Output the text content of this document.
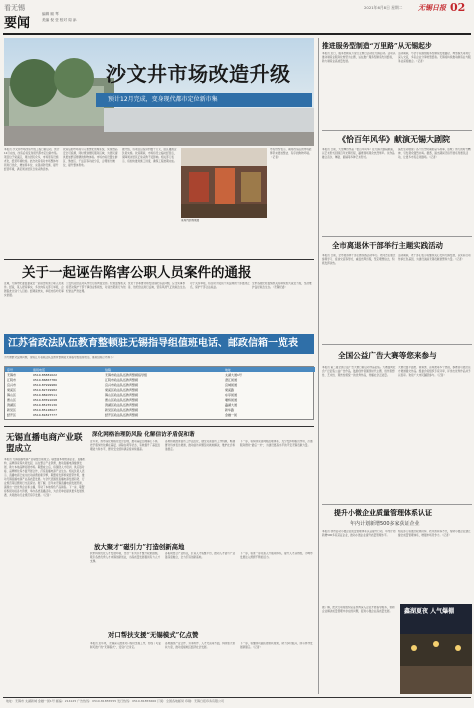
看无锡
要闻
编辑 顾 琴
美编 倪 莹 校对 周 添
2021年6月8日 星期二 无锡日报 02
沙文井市场改造升级
预计12月完成，变身现代都市定位新市集
本报讯 沙文井市场改造升级工程日前启动，预计12月完成，改造后将变身现代都市定位新市集。项目位于梁溪区，周边居民众多，市场原有设施老化，经营环境较差。此次改造将对市场整体布局进行优化，增加停车位、完善消防设施、提升经营环境，满足周边居民日常采购需求。
改造后的市场将引入智慧化管理系统，实现食品安全可追溯，同时规划便民服务区域，为居民提供更加舒适便捷的购物体验。市场内将设置生鲜区、熟食区、干货区等功能分区，合理划分摊位，提升整体形象。
据介绍，该项目总投资约数千万元，由区属国企负责实施。改造期间，市场将设立临时经营点，保障周边居民正常采购不受影响。相关部门表示，将加快推进施工进度，确保工程按期完成。
菜场内部效果图
市民纷纷表示，期待改造后的市场能够带来更加整洁、有序的购物环境。（记者）
关于一起诬告陷害公职人员案件的通报
近期，无锡市纪委监委查处一起诬告陷害公职人员案件。经查，某人捏造事实，多次向有关部门举报，企图借此达到个人目的。经调查核实，举报内容均无事实依据。
公安机关依法对其作出行政拘留处罚。纪检监察机关将坚决保护干部干事创业积极性，对诬告陷害行为依纪依法严肃处理。
党员干部和群众如发现违纪违法问题，应当实事求是、依纪依法进行反映，营造风清气正的政治生态。
对于失实举报，将及时为受到不实反映的干部澄清正名，保护干部合法权益。
全市各级纪检监察机关将持续加大查处力度，坚决维护良好政治生态。（无锡纪委）
江苏省政法队伍教育整顿驻无锡指导组值班电话、邮政信箱一览表
为方便群众反映问题，现将江苏省政法队伍教育整顿驻无锡指导组值班电话、邮政信箱公布如下：
序号	值班电话	信箱	地址
无锡市	0510-85881022	无锡市政法队伍教育整顿指导组	太湖大道1号
江阴市	0510-86867780	江阴市政法队伍教育整顿	澄江街道
宜兴市	0510-87999980	宜兴市政法队伍教育整顿	宜城街道
梁溪区	0510-82729982	梁溪区政法队伍教育整顿	梁溪路
锡山区	0510-88205511	锡山区政法队伍教育整顿	东亭街道
惠山区	0510-83591098	惠山区政法队伍教育整顿	堰桥街道
滨湖区	0510-85155130	滨湖区政法队伍教育整顿	蠡湖大道
新吴区	0510-85128027	新吴区政法队伍教育整顿	新华路
经开区	0510-81827777	经开区政法队伍教育整顿	金融一街
无锡直播电商产业联盟成立
本报讯 无锡直播电商产业联盟日前成立。联盟由本地电商企业、直播机构、品牌商家等共同发起，旨在整合产业资源，推动直播电商健康发展，助力本地品牌拓展市场。联盟成立后，将围绕人才培训、供应链对接、品牌孵化等方面开展合作，打造直播电商产业生态。相关负责人表示，直播电商已成为拉动消费的新引擎，联盟将发挥桥梁纽带作用，推动无锡直播电商产业高质量发展。与会代表围绕直播电商发展趋势、行业规范等话题进行交流探讨。据了解，近年来无锡直播电商发展迅速，涌现出一批优秀企业和主播，带动了本地特色产品销售。下一步，联盟将积极对接各方资源，举办各类直播活动，为会员单位提供更多发展机遇，共同推动行业规范有序发展。（记者）
深化网格治理防风险 化解信访矛盾促和谐
近年来，我市深化网格化社会治理，推动基层治理重心下移，把矛盾纠纷化解在基层、消除在萌芽状态，有效提升了基层治理能力和水平，群众安全感和满意度持续提高。
各地积极推进信访工作法治化，健全完善信访工作机制，畅通群众诉求表达渠道，推动信访问题及时就地解决，维护社会和谐稳定。
下一步，将持续完善网格治理体系，充分发挥网格员作用，打通服务群众“最后一米”，为建设更高水平的平安无锡贡献力量。
放大聚才“磁引力”打造创新高地
我市持续优化人才发展环境，出台一系列引才聚才政策措施，吸引各类优秀人才来锡创新创业，为高质量发展提供有力人才支撑。
各板块结合产业特点，打造人才集聚平台，推动人才链与产业链深度融合，全力打造创新高地。
下一步，将进一步完善人才服务体系，提升人才获得感，为城市发展注入源源不断的活力。
对口帮扶支援“无锡模式”亿点赞
本报讯 近年来，无锡深入推进对口帮扶支援工作，形成了可复制可推广的“无锡模式”，受到广泛肯定。
各地围绕产业合作、劳务协作、人才交流等方面，持续加大帮扶力度，推动受援地区经济社会发展。
下一步，将继续巩固拓展帮扶成果，助力乡村振兴，续写协作发展新篇章。（记者）
推进服务型制造“万里路”从无锡起步
本报讯 近日，服务型制造万里行主题日活动在无锡启动。活动以推动制造业服务化转型为主题，旨在推广服务型制造先进经验，助力制造业高质量发展。
活动期间，与会专家围绕服务型制造发展路径、典型模式等进行深入交流，多家企业分享转型经验。无锡将持续推动制造业与服务业深度融合。（记者）
《恰百年风华》献演无锡大剧院
本报讯 日前，大型舞台作品《恰百年风华》在无锡大剧院献演，以艺术形式回顾百年光辉历程，赢得现场观众热烈掌声。该作品融合音乐、舞蹈、朗诵等多种艺术形式。
演出生动展现了各个历史时期的奋斗故事，讴歌了伟大的时代精神，引发观众强烈共鸣。据悉，演出期间还将开展系列惠民活动，让更多市民走进剧场。（记者）
全市离退休干部举行主题实践活动
本报讯 日前，全市离退休干部主题实践活动举行。老同志们通过参观学习、座谈交流等形式，重温光辉历程，坚定理想信念，积极发挥余热。
活动期间，老干部们表示将继续关心支持无锡发展，以实际行动传承红色基因，为建设美丽无锡贡献智慧和力量。（记者）
全国公益广告大赛等您来参与
本报讯 第二届全国公益广告大赛日前启动作品征集。大赛面向社会广泛征集公益广告作品，鼓励创作者围绕时代主题，创作思想性、艺术性、观赏性相统一的优秀作品，传播社会正能量。
大赛设置平面类、视频类、音频类等多个类别，参赛者可通过官方渠道提交作品。组委会将组织专家评审，评选出优秀作品并予以表彰。欢迎广大市民踊跃参与。（记者）
提升小微企业质量管理体系认证
年内计划新增500多家获证企业
本报讯 我市启动小微企业质量管理体系认证提升行动，年内计划新增500多家获证企业，推动小微企业提升质量管理水平。
相关部门将通过政策扶持、技术帮扶等方式，帮助小微企业建立健全质量管理体系，增强市场竞争力。（记者）
据了解，此次行动将组织认证机构深入企业开展指导服务，帮助企业解决质量管理中存在的问题，促进小微企业高质量发展。	鑫湖夏夜 人气爆棚
地址：无锡市 太湖新城 金融一街1号 邮编：214125 广告热线：0510-81855555 发行热线：0510-81855666 订阅：全国各地邮局 印刷：无锡日报印务有限公司
